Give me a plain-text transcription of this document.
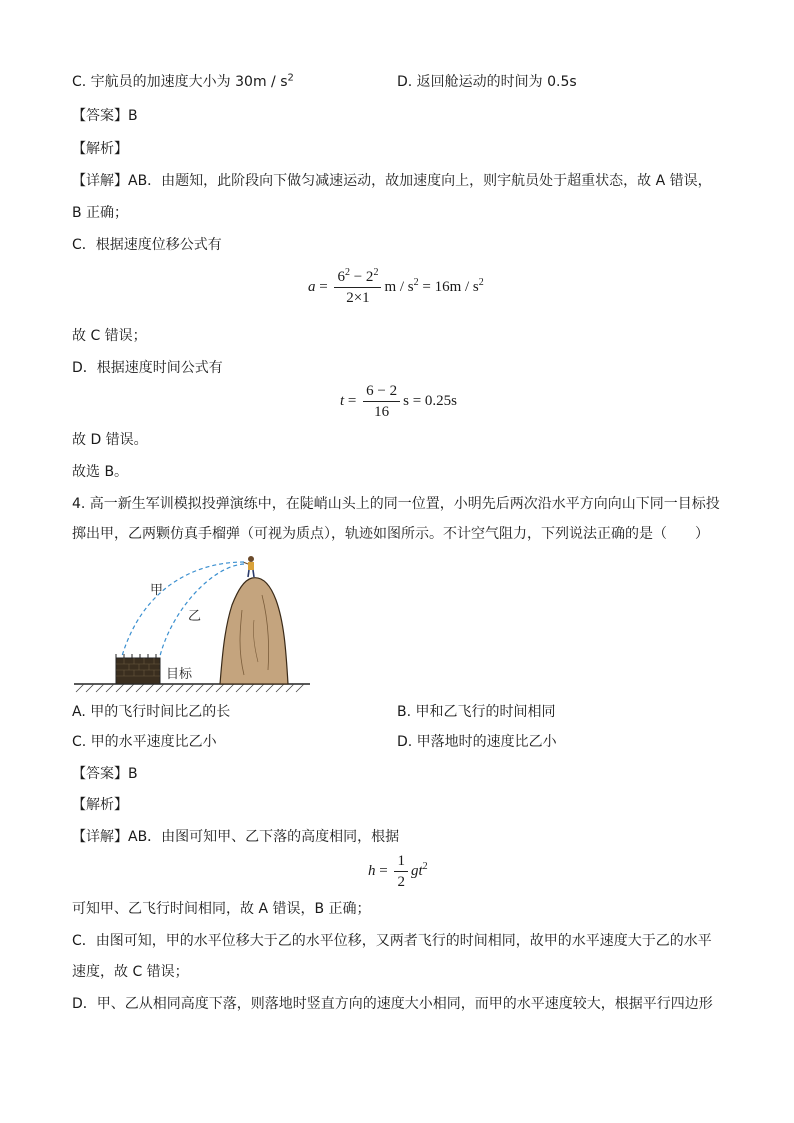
C. 宇航员的加速度大小为 $30m / s^2$	D. 返回舱运动的时间为 0.5s
【答案】B
【解析】
【详解】AB．由题知，此阶段向下做匀减速运动，故加速度向上，则宇航员处于超重状态，故 A 错误，
B 正确；
C．根据速度位移公式有
$a = \frac{6^2 - 2^2}{2\times 1}$ $m / s^2 = 16m / s^2$
故 C 错误；
D．根据速度时间公式有
$t = \frac{6 - 2}{16}$ s = 0.25s
故 D 错误。
故选 B。
4. 高一新生军训模拟投弹演练中，在陡峭山头上的同一位置，小明先后两次沿水平方向向山下同一目标投
掷出甲，乙两颗仿真手榴弹（可视为质点），轨迹如图所示。不计空气阻力，下列说法正确的是（　　）
甲
乙
目标
A. 甲的飞行时间比乙的长	B. 甲和乙飞行的时间相同
C. 甲的水平速度比乙小	D. 甲落地时的速度比乙小
【答案】B
【解析】
【详解】AB．由图可知甲、乙下落的高度相同，根据
$h = \frac{1}{2} gt^2$
可知甲、乙飞行时间相同，故 A 错误，B 正确；
C．由图可知，甲的水平位移大于乙的水平位移，又两者飞行的时间相同，故甲的水平速度大于乙的水平
速度，故 C 错误；
D．甲、乙从相同高度下落，则落地时竖直方向的速度大小相同，而甲的水平速度较大，根据平行四边形
